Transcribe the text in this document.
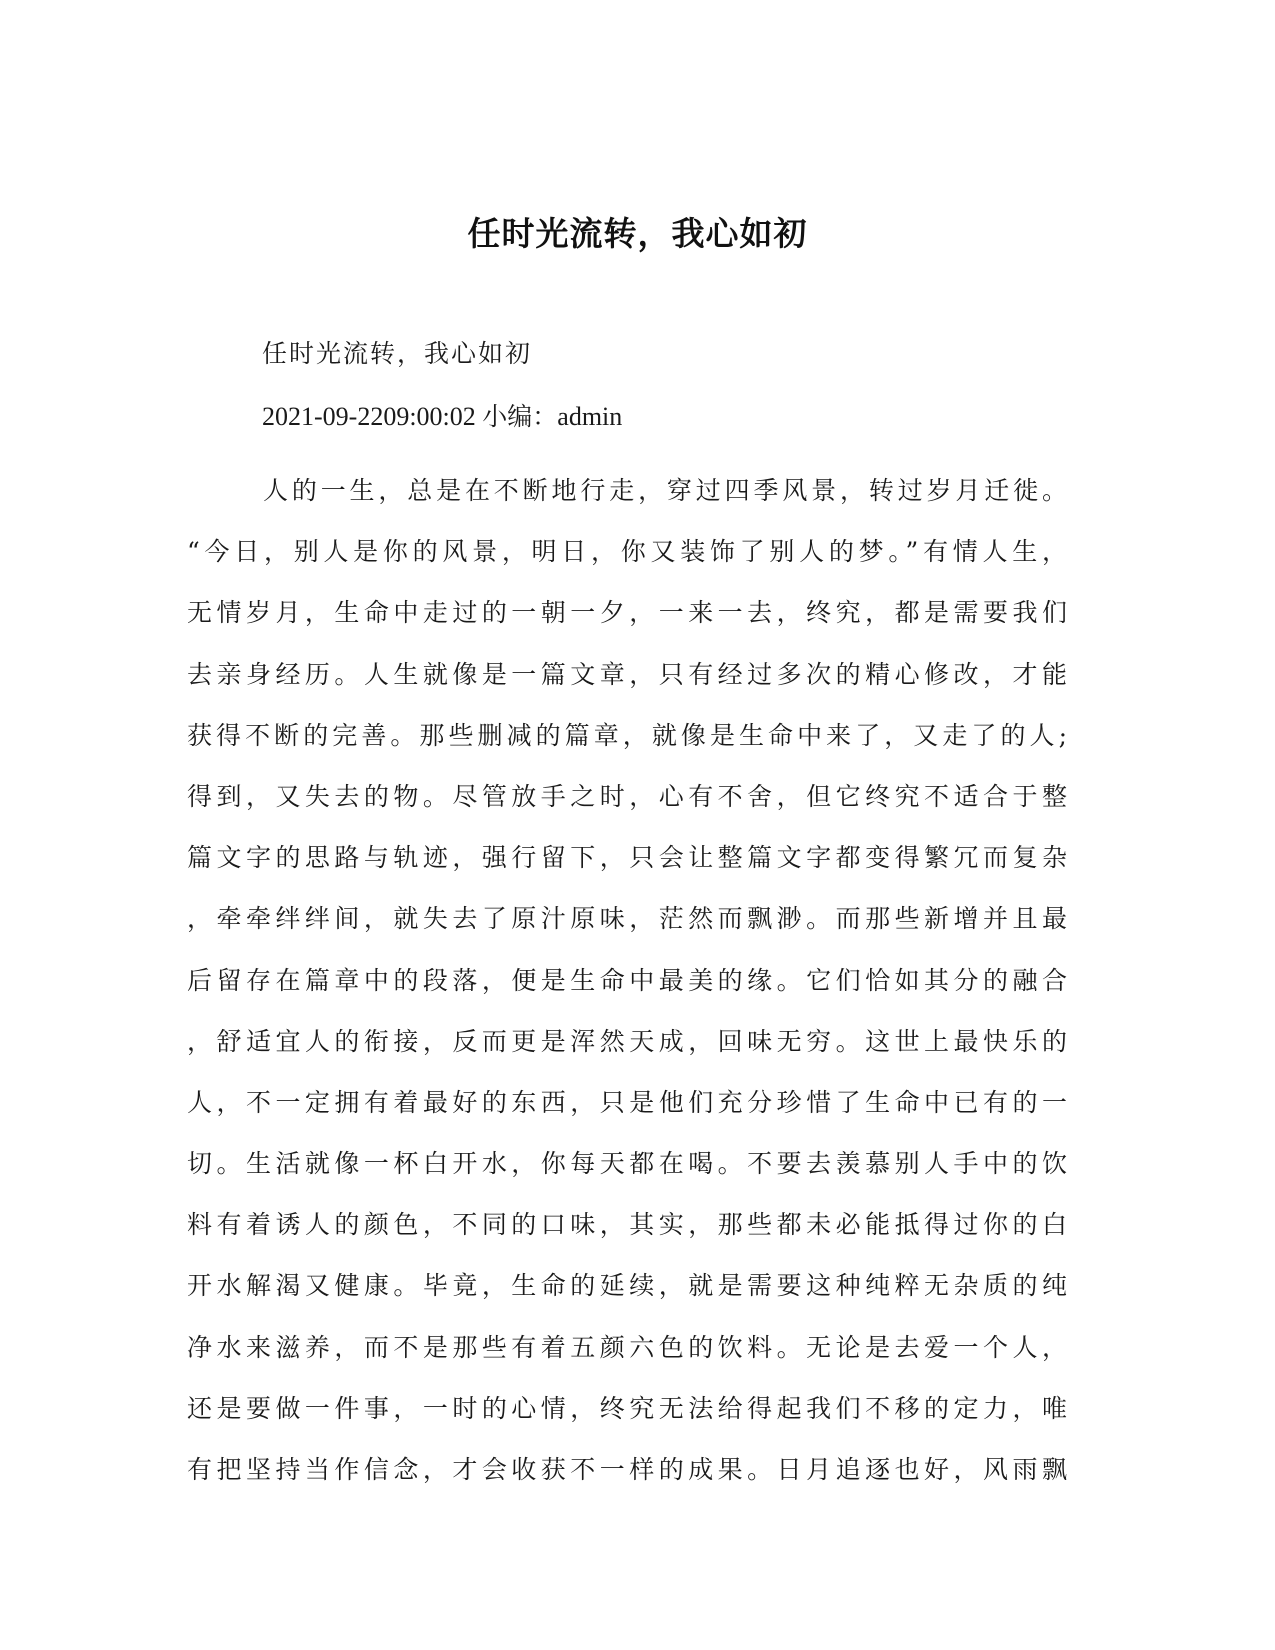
任时光流转，我心如初

任时光流转，我心如初

2021-09-2209:00:02 小编：admin

人的一生，总是在不断地行走，穿过四季风景，转过岁月迁徙。
“今日，别人是你的风景，明日，你又装饰了别人的梦。”有情人生，
无情岁月，生命中走过的一朝一夕，一来一去，终究，都是需要我们
去亲身经历。人生就像是一篇文章，只有经过多次的精心修改，才能
获得不断的完善。那些删减的篇章，就像是生命中来了，又走了的人;
得到，又失去的物。尽管放手之时，心有不舍，但它终究不适合于整
篇文字的思路与轨迹，强行留下，只会让整篇文字都变得繁冗而复杂
，牵牵绊绊间，就失去了原汁原味，茫然而飘渺。而那些新增并且最
后留存在篇章中的段落，便是生命中最美的缘。它们恰如其分的融合
，舒适宜人的衔接，反而更是浑然天成，回味无穷。这世上最快乐的
人，不一定拥有着最好的东西，只是他们充分珍惜了生命中已有的一
切。生活就像一杯白开水，你每天都在喝。不要去羡慕别人手中的饮
料有着诱人的颜色，不同的口味，其实，那些都未必能抵得过你的白
开水解渴又健康。毕竟，生命的延续，就是需要这种纯粹无杂质的纯
净水来滋养，而不是那些有着五颜六色的饮料。无论是去爱一个人，
还是要做一件事，一时的心情，终究无法给得起我们不移的定力，唯
有把坚持当作信念，才会收获不一样的成果。日月追逐也好，风雨飘
